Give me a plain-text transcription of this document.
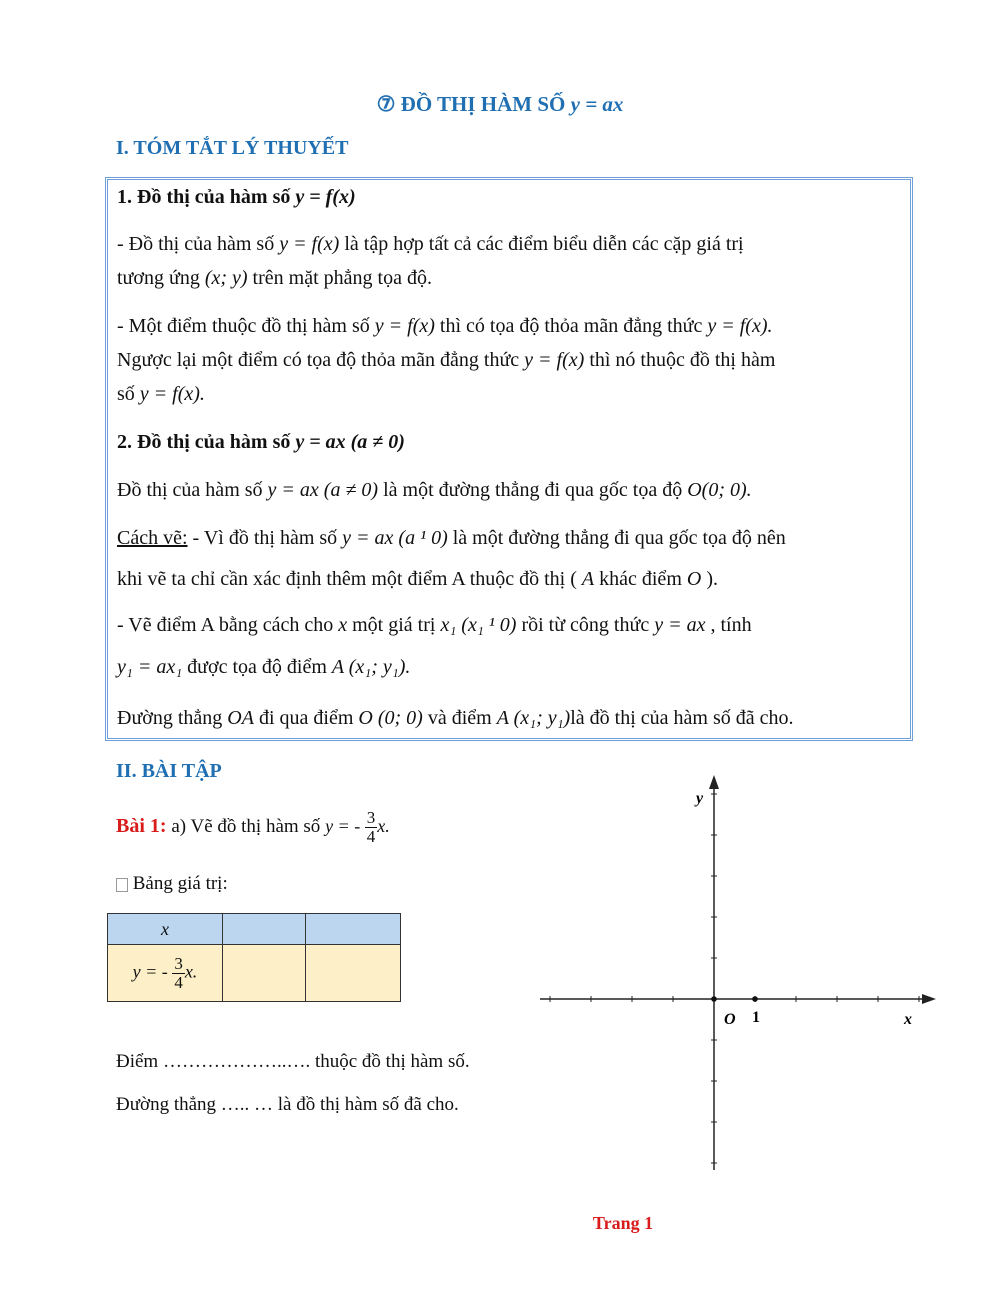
⑦ ĐỒ THỊ HÀM SỐ y = ax
I. TÓM TẮT LÝ THUYẾT
1. Đồ thị của hàm số y = f(x)
- Đồ thị của hàm số y = f(x) là tập hợp tất cả các điểm biểu diễn các cặp giá trị
tương ứng (x; y) trên mặt phẳng tọa độ.
- Một điểm thuộc đồ thị hàm số y = f(x) thì có tọa độ thỏa mãn đẳng thức y = f(x).
Ngược lại một điểm có tọa độ thỏa mãn đẳng thức y = f(x) thì nó thuộc đồ thị hàm
số y = f(x).
2. Đồ thị của hàm số y = ax (a ≠ 0)
Đồ thị của hàm số y = ax (a ≠ 0) là một đường thẳng đi qua gốc tọa độ O(0; 0).
Cách vẽ: - Vì đồ thị hàm số y = ax (a ¹ 0) là một đường thẳng đi qua gốc tọa độ nên
khi vẽ ta chỉ cần xác định thêm một điểm A thuộc đồ thị ( A khác điểm O ).
- Vẽ điểm A bằng cách cho x một giá trị x₁ (x₁ ¹ 0) rồi từ công thức y = ax , tính
y₁ = ax₁ được tọa độ điểm A (x₁; y₁).
Đường thẳng OA đi qua điểm O (0; 0) và điểm A (x₁; y₁)là đồ thị của hàm số đã cho.
II. BÀI TẬP
Bài 1: a) Vẽ đồ thị hàm số y = - $\frac{3}{4} x$.
Bảng giá trị:
x		
y = - $\frac{3}{4} x$.		
Điểm ………………..…. thuộc đồ thị hàm số.
Đường thẳng ….. … là đồ thị hàm số đã cho.
O 1	x
y
Trang 1
